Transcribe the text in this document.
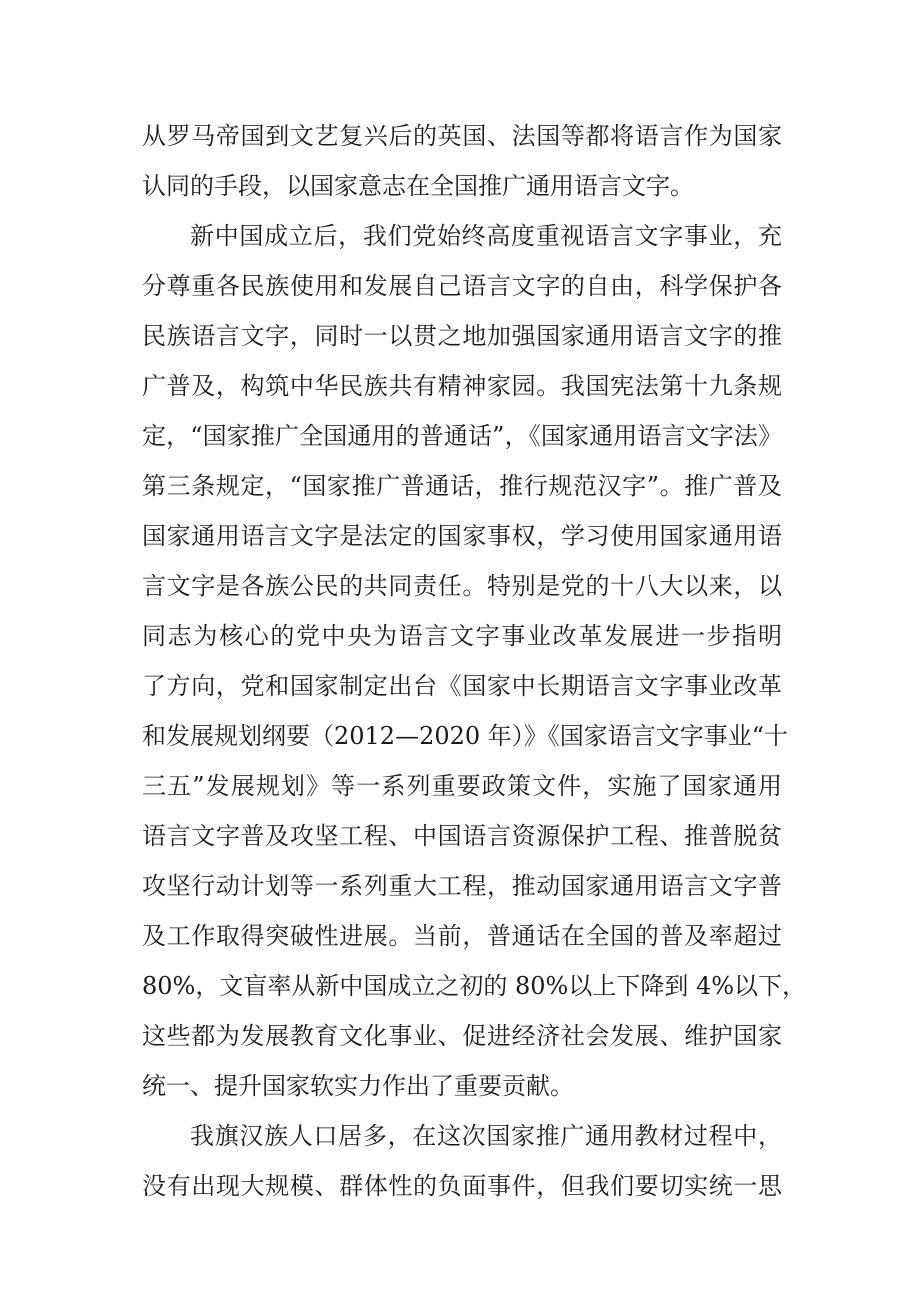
从罗马帝国到文艺复兴后的英国、法国等都将语言作为国家
认同的手段，以国家意志在全国推广通用语言文字。
新中国成立后，我们党始终高度重视语言文字事业，充
分尊重各民族使用和发展自己语言文字的自由，科学保护各
民族语言文字，同时一以贯之地加强国家通用语言文字的推
广普及，构筑中华民族共有精神家园。我国宪法第十九条规
定，“国家推广全国通用的普通话”，《国家通用语言文字法》
第三条规定，“国家推广普通话，推行规范汉字”。推广普及
国家通用语言文字是法定的国家事权，学习使用国家通用语
言文字是各族公民的共同责任。特别是党的十八大以来，以
同志为核心的党中央为语言文字事业改革发展进一步指明
了方向，党和国家制定出台《国家中长期语言文字事业改革
和发展规划纲要（2012—2020 年）》《国家语言文字事业“十
三五”发展规划》等一系列重要政策文件，实施了国家通用
语言文字普及攻坚工程、中国语言资源保护工程、推普脱贫
攻坚行动计划等一系列重大工程，推动国家通用语言文字普
及工作取得突破性进展。当前，普通话在全国的普及率超过
80%，文盲率从新中国成立之初的 80%以上下降到 4%以下，
这些都为发展教育文化事业、促进经济社会发展、维护国家
统一、提升国家软实力作出了重要贡献。
我旗汉族人口居多，在这次国家推广通用教材过程中，
没有出现大规模、群体性的负面事件，但我们要切实统一思
